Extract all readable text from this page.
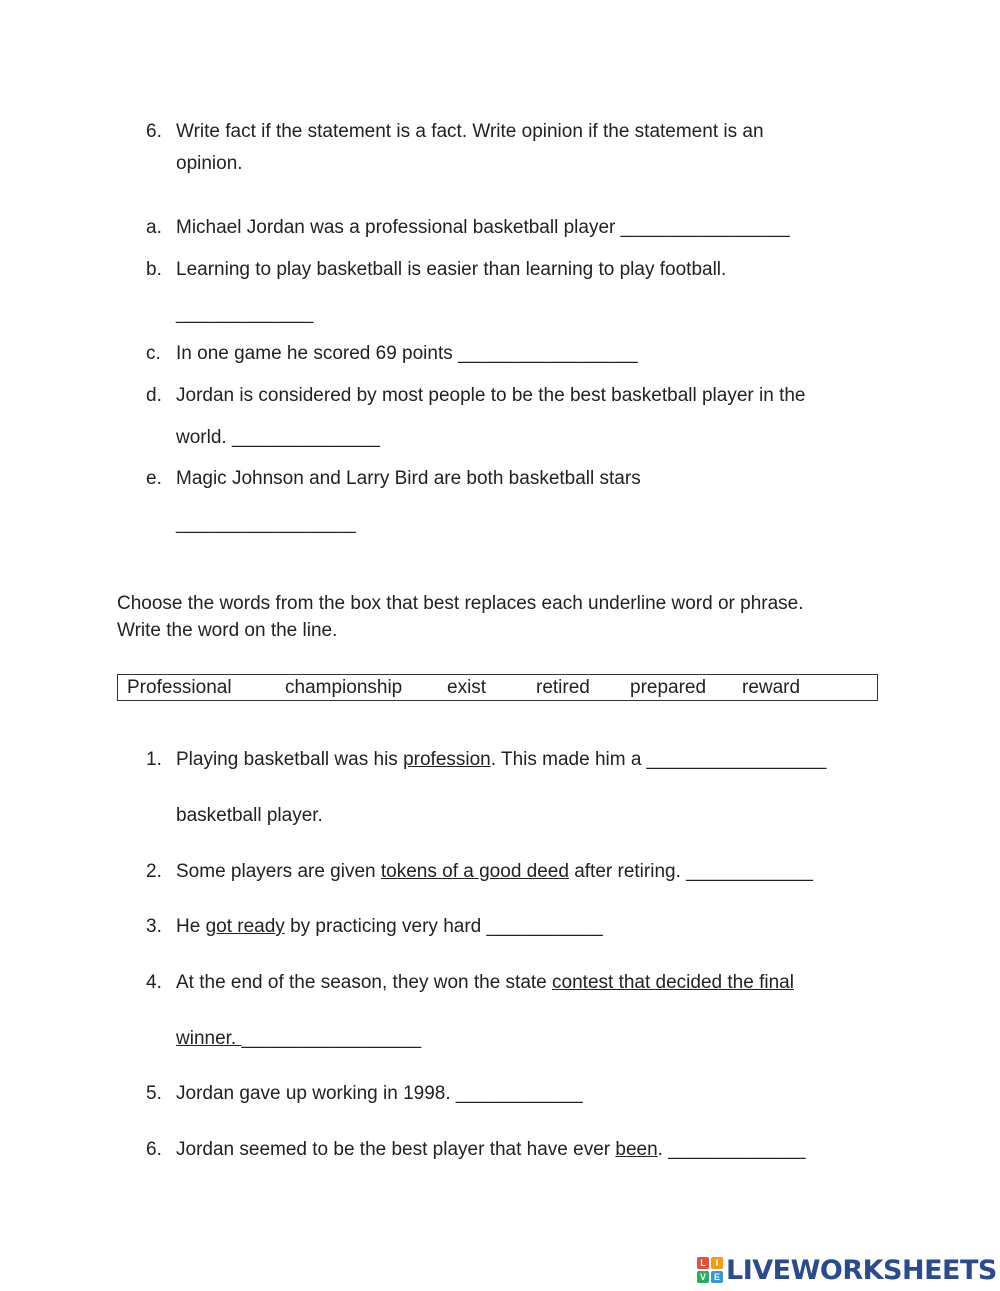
6. Write fact if the statement is a fact. Write opinion if the statement is an
opinion.
a. Michael Jordan was a professional basketball player ________________
b. Learning to play basketball is easier than learning to play football.
_____________
c. In one game he scored 69 points _________________
d. Jordan is considered by most people to be the best basketball player in the
world. ______________
e. Magic Johnson and Larry Bird are both basketball stars
_________________
Choose the words from the box that best replaces each underline word or phrase.
Write the word on the line.
Professional	championship exist	retired prepared reward
1. Playing basketball was his profession. This made him a _________________
basketball player.
2. Some players are given tokens of a good deed after retiring. ____________
3. He got ready by practicing very hard ___________
4. At the end of the season, they won the state contest that decided the final
winner. _________________
5. Jordan gave up working in 1998. ____________
6. Jordan seemed to be the best player that have ever been. _____________
L	I
V E LIVEWORKSHEETS
